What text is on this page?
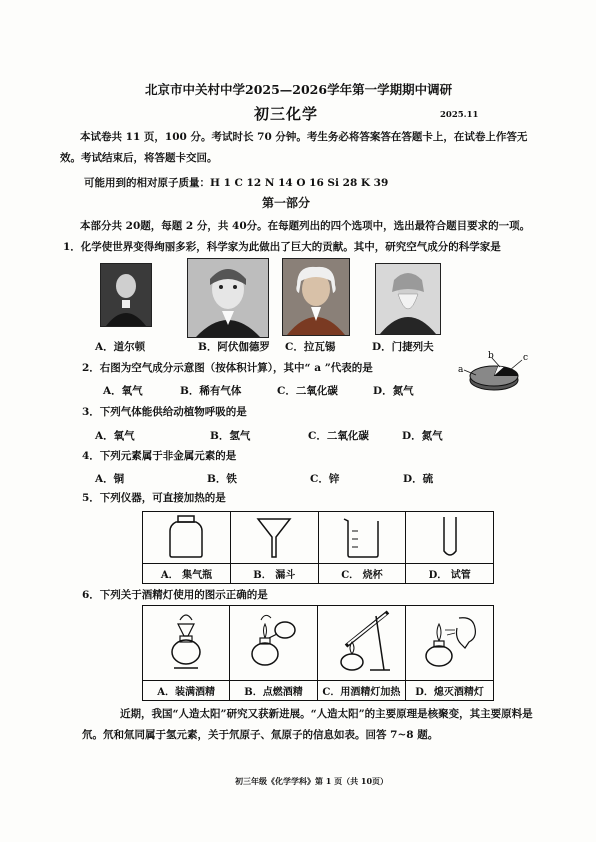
北京市中关村中学2025—2026学年第一学期期中调研
初三化学	2025.11
本试卷共 11 页，100 分。考试时长 70 分钟。考生务必将答案答在答题卡上，在试卷上作答无
效。考试结束后，将答题卡交回。
可能用到的相对原子质量：H 1 C 12 N 14 O 16 Si 28 K 39
第一部分
本部分共 20题，每题 2 分，共 40分。在每题列出的四个选项中，选出最符合题目要求的一项。
1．化学使世界变得绚丽多彩，科学家为此做出了巨大的贡献。其中，研究空气成分的科学家是
A．道尔顿	B．阿伏伽德罗 C．拉瓦锡	D．门捷列夫
2．右图为空气成分示意图（按体积计算），其中“ a ”代表的是
A．氧气	B．稀有气体	C．二氧化碳	D．氮气
a
b	c
3．下列气体能供给动植物呼吸的是
A．氧气	B．氢气	C．二氧化碳	D．氮气
4．下列元素属于非金属元素的是
A．铜	B．铁	C．锌	D．硫
5．下列仪器，可直接加热的是

A． 集气瓶	B． 漏斗	C． 烧杯	D． 试管
6．下列关于酒精灯使用的图示正确的是

A．装满酒精	B．点燃酒精	C．用酒精灯加热	D．熄灭酒精灯
近期，我国“人造太阳”研究又获新进展。“人造太阳”的主要原理是核聚变，其主要原料是
氘。氘和氚同属于氢元素，关于氘原子、氚原子的信息如表。回答 7~8 题。
初三年级《化学学科》第 1 页（共 10页）
